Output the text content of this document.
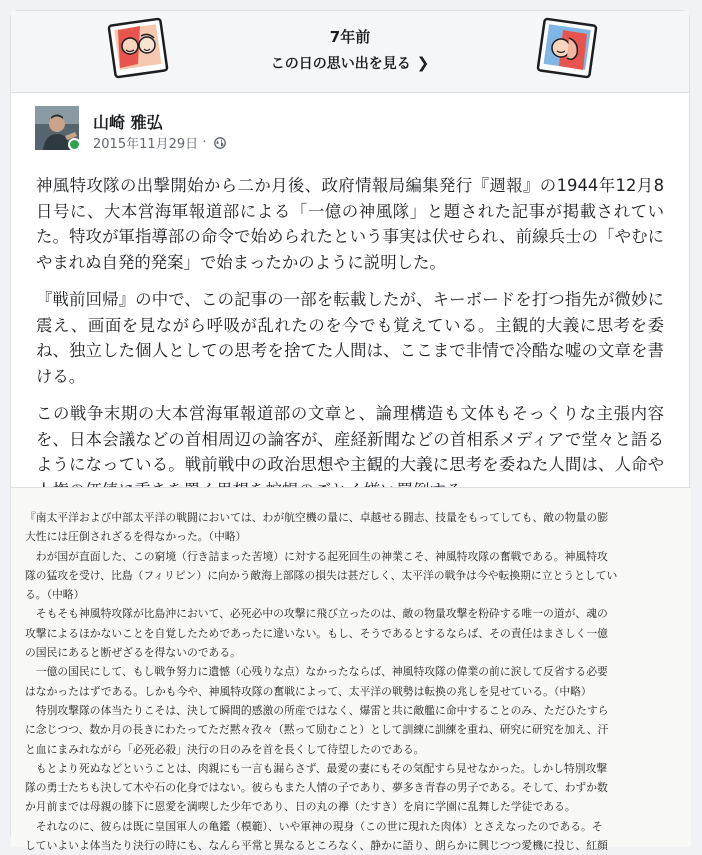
7年前
この日の思い出を見る ❯
山崎 雅弘
2015年11月29日 ·

神風特攻隊の出撃開始から二か月後、政府情報局編集発行『週報』の1944年12月8日号に、大本営海軍報道部による「一億の神風隊」と題された記事が掲載されていた。特攻が軍指導部の命令で始められたという事実は伏せられ、前線兵士の「やむにやまれぬ自発的発案」で始まったかのように説明した。

『戦前回帰』の中で、この記事の一部を転載したが、キーボードを打つ指先が微妙に震え、画面を見ながら呼吸が乱れたのを今でも覚えている。主観的大義に思考を委ね、独立した個人としての思考を捨てた人間は、ここまで非情で冷酷な嘘の文章を書ける。

この戦争末期の大本営海軍報道部の文章と、論理構造も文体もそっくりな主張内容を、日本会議などの首相周辺の論客が、産経新聞などの首相系メディアで堂々と語るようになっている。戦前戦中の政治思想や主観的大義に思考を委ねた人間は、人命や

『南太平洋および中部太平洋の戦闘においては、わが航空機の量に、卓越せる闘志、技量をもってしても、敵の物量の膨
大性には圧倒されざるを得なかった。（中略）
　わが国が直面した、この窮境（行き詰まった苦境）に対する起死回生の神業こそ、神風特攻隊の奮戦である。神風特攻
隊の猛攻を受け、比島（フィリピン）に向かう敵海上部隊の損失は甚だしく、太平洋の戦争は今や転換期に立とうとしてい
る。（中略）
　そもそも神風特攻隊が比島沖において、必死必中の攻撃に飛び立ったのは、敵の物量攻撃を粉砕する唯一の道が、魂の
攻撃によるほかないことを自覚したためであったに違いない。もし、そうであるとするならば、その責任はまさしく一億
の国民にあると断ぜざるを得ないのである。
　一億の国民にして、もし戦争努力に遺憾（心残りな点）なかったならば、神風特攻隊の偉業の前に涙して反省する必要
はなかったはずである。しかも今や、神風特攻隊の奮戦によって、太平洋の戦勢は転換の兆しを見せている。（中略）
　特別攻撃隊の体当たりこそは、決して瞬間的感激の所産ではなく、爆雷と共に敵艦に命中することのみ、ただひたすら
に念じつつ、数か月の長きにわたってただ黙々孜々（黙って励むこと）として訓練に訓練を重ね、研究に研究を加え、汗
と血にまみれながら「必死必殺」決行の日のみを首を長くして待望したのである。
　もとより死ぬなどということは、肉親にも一言も漏らさず、最愛の妻にもその気配すら見せなかった。しかし特別攻撃
隊の勇士たちも決して木や石の化身ではない。彼らもまた人情の子であり、夢多き青春の男子である。そして、わずか数
か月前までは母親の膝下に恩愛を満喫した少年であり、日の丸の襷（たすき）を肩に学園に乱舞した学徒である。
　それなのに、彼らは既に皇国軍人の亀鑑（模範）、いや軍神の現身（この世に現れた肉体）とさえなったのである。そ
していよいよ体当たり決行の時にも、なんら平常と異なるところなく、静かに語り、朗らかに興じつつ愛機に投じ、紅顔
